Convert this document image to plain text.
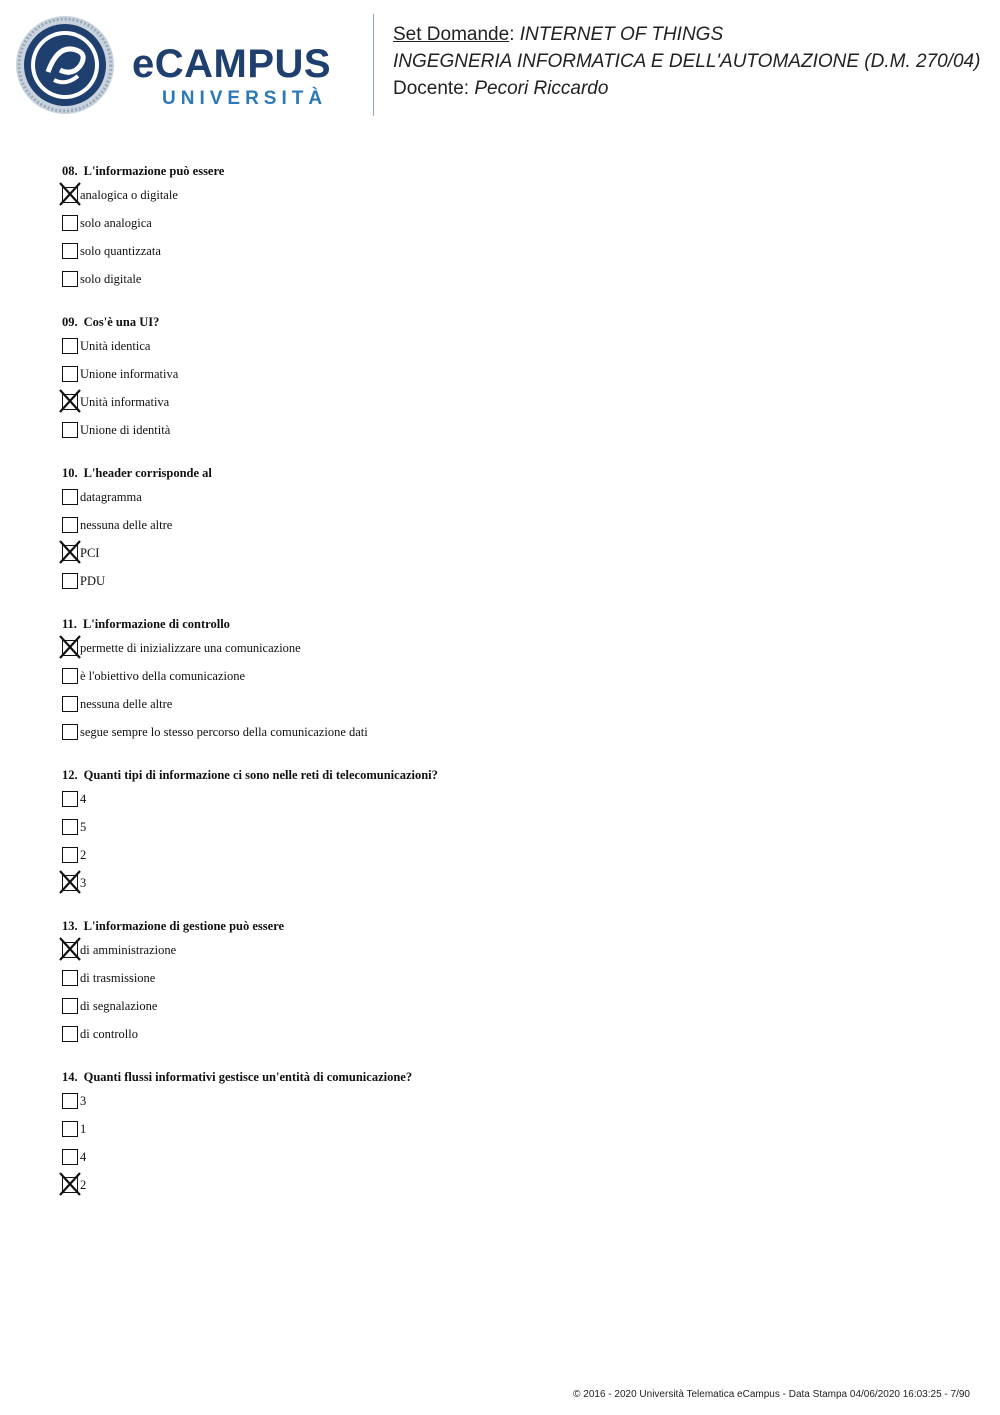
eCAMPUS
UNIVERSITÀ
Set Domande: INTERNET OF THINGS
INGEGNERIA INFORMATICA E DELL'AUTOMAZIONE (D.M. 270/04)
Docente: Pecori Riccardo
08. L'informazione può essere
analogica o digitale
solo analogica
solo quantizzata
solo digitale
09. Cos'è una UI?
Unità identica
Unione informativa
Unità informativa
Unione di identità
10. L'header corrisponde al
datagramma
nessuna delle altre
PCI
PDU
11. L'informazione di controllo
permette di inizializzare una comunicazione
è l'obiettivo della comunicazione
nessuna delle altre
segue sempre lo stesso percorso della comunicazione dati
12. Quanti tipi di informazione ci sono nelle reti di telecomunicazioni?
4
5
2
3
13. L'informazione di gestione può essere
di amministrazione
di trasmissione
di segnalazione
di controllo
14. Quanti flussi informativi gestisce un'entità di comunicazione?
3
1
4
2
© 2016 - 2020 Università Telematica eCampus - Data Stampa 04/06/2020 16:03:25 - 7/90
